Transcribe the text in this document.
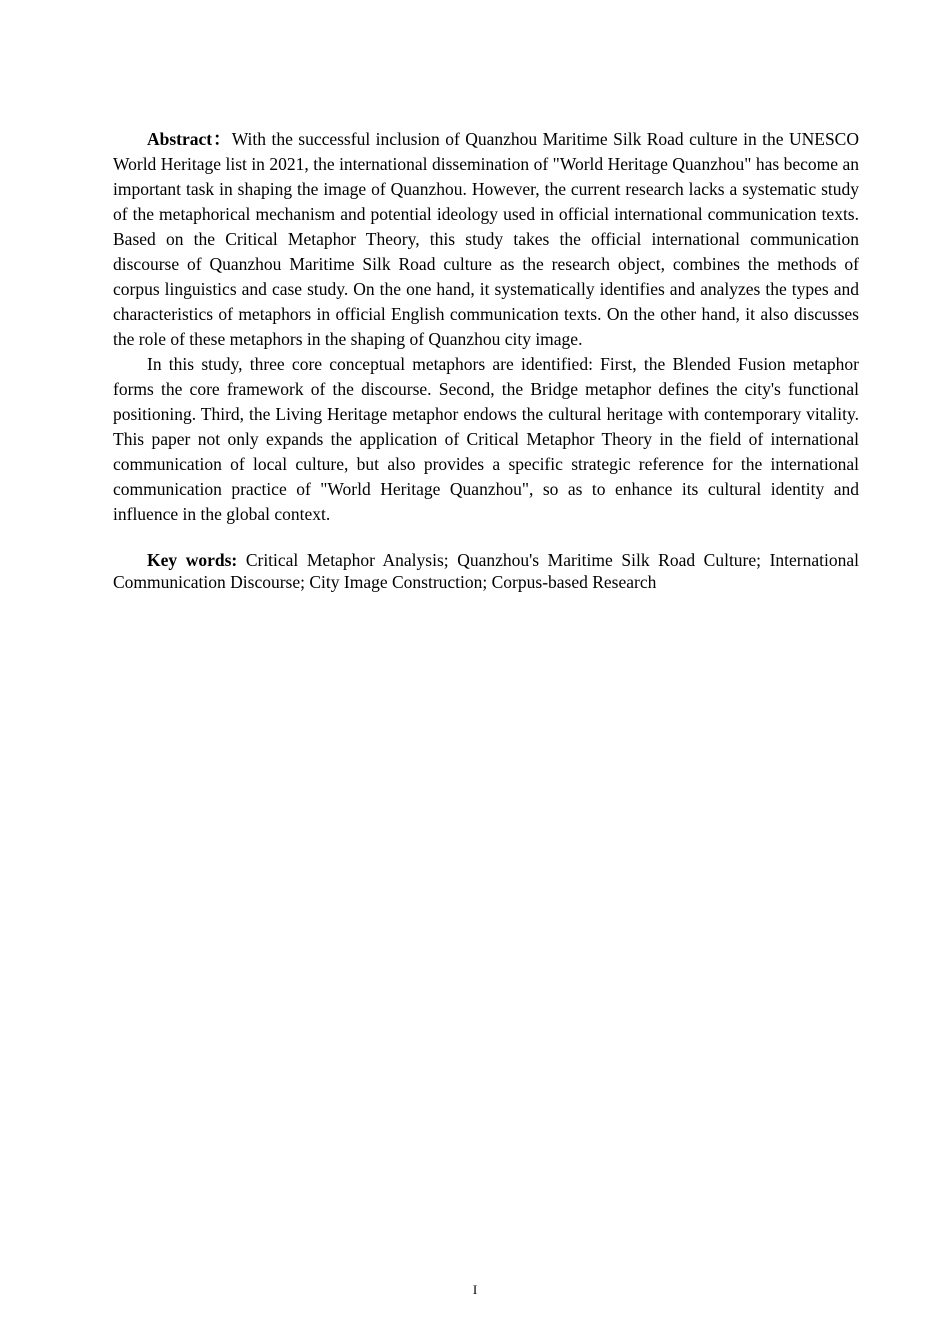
Abstract：With the successful inclusion of Quanzhou Maritime Silk Road culture in the UNESCO World Heritage list in 2021, the international dissemination of "World Heritage Quanzhou" has become an important task in shaping the image of Quanzhou. However, the current research lacks a systematic study of the metaphorical mechanism and potential ideology used in official international communication texts. Based on the Critical Metaphor Theory, this study takes the official international communication discourse of Quanzhou Maritime Silk Road culture as the research object, combines the methods of corpus linguistics and case study. On the one hand, it systematically identifies and analyzes the types and characteristics of metaphors in official English communication texts. On the other hand, it also discusses the role of these metaphors in the shaping of Quanzhou city image.

In this study, three core conceptual metaphors are identified: First, the Blended Fusion metaphor forms the core framework of the discourse. Second, the Bridge metaphor defines the city's functional positioning. Third, the Living Heritage metaphor endows the cultural heritage with contemporary vitality. This paper not only expands the application of Critical Metaphor Theory in the field of international communication of local culture, but also provides a specific strategic reference for the international communication practice of "World Heritage Quanzhou", so as to enhance its cultural identity and influence in the global context.

Key words: Critical Metaphor Analysis; Quanzhou's Maritime Silk Road Culture; International Communication Discourse; City Image Construction; Corpus-based Research

I
